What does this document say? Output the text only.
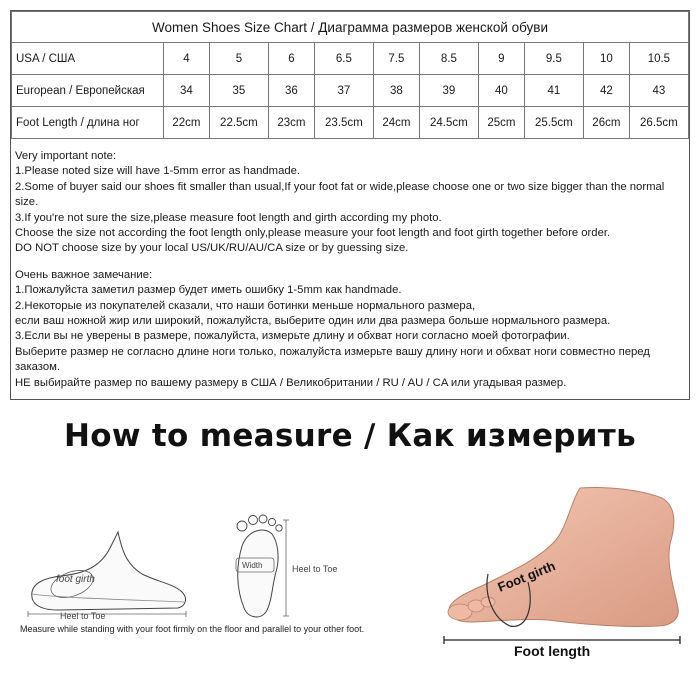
Women Shoes Size Chart / Диаграмма размеров женской обуви										
USA / США	4	5	6	6.5	7.5	8.5	9	9.5	10	10.5
European / Европейская	34	35	36	37	38	39	40	41	42	43
Foot Length / длина ног	22cm	22.5cm	23cm	23.5cm	24cm	24.5cm	25cm	25.5cm	26cm	26.5cm
Very important note:
1.Please noted size will have 1-5mm error as handmade.
2.Some of buyer said our shoes fit smaller than usual,If your foot fat or wide,please choose one or two size bigger than the normal size.
3.If you're not sure the size,please measure foot length and girth according my photo.
Choose the size not according the foot length only,please measure your foot length and foot girth together before order.
DO NOT choose size by your local US/UK/RU/AU/CA size or by guessing size.
Очень важное замечание:
1.Пожалуйста заметил размер будет иметь ошибку 1-5mm как handmade.
2.Некоторые из покупателей сказали, что наши ботинки меньше нормального размера,
если ваш ножной жир или широкий, пожалуйста, выберите один или два размера больше нормального размера.
3.Если вы не уверены в размере, пожалуйста, измерьте длину и обхват ноги согласно моей фотографии.
Выберите размер не согласно длине ноги только, пожалуйста измерьте вашу длину ноги и обхват ноги совместно перед заказом.
НЕ выбирайте размер по вашему размеру в США / Великобритании / RU / AU / CA или угадывая размер.
How to measure / Как измерить
foot girth
Heel to Toe
Width	Heel to Toe	Foot girth
Foot length
Measure while standing with your foot firmly on the floor and parallel to your other foot.
